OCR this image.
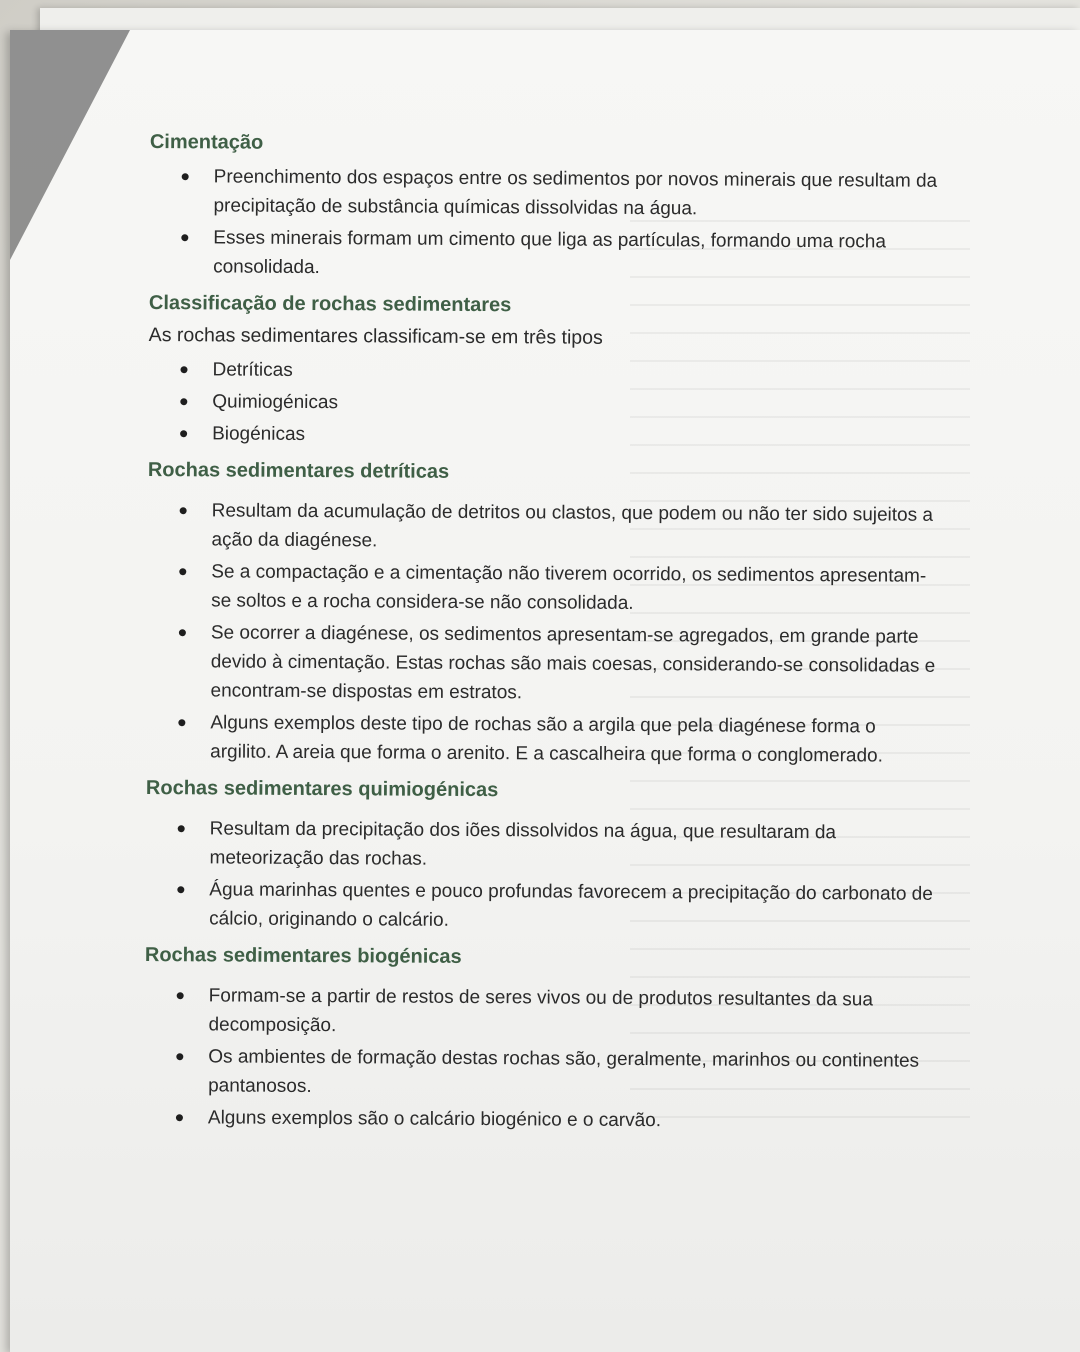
Cimentação
Preenchimento dos espaços entre os sedimentos por novos minerais que resultam da precipitação de substância químicas dissolvidas na água.
Esses minerais formam um cimento que liga as partículas, formando uma rocha consolidada.
Classificação de rochas sedimentares

As rochas sedimentares classificam-se em três tipos

Detríticas
Quimiogénicas
Biogénicas
Rochas sedimentares detríticas
Resultam da acumulação de detritos ou clastos, que podem ou não ter sido sujeitos a ação da diagénese.
Se a compactação e a cimentação não tiverem ocorrido, os sedimentos apresentam-se soltos e a rocha considera-se não consolidada.
Se ocorrer a diagénese, os sedimentos apresentam-se agregados, em grande parte devido à cimentação. Estas rochas são mais coesas, considerando-se consolidadas e encontram-se dispostas em estratos.
Alguns exemplos deste tipo de rochas são a argila que pela diagénese forma o argilito. A areia que forma o arenito. E a cascalheira que forma o conglomerado.
Rochas sedimentares quimiogénicas
Resultam da precipitação dos iões dissolvidos na água, que resultaram da meteorização das rochas.
Água marinhas quentes e pouco profundas favorecem a precipitação do carbonato de cálcio, originando o calcário.
Rochas sedimentares biogénicas
Formam-se a partir de restos de seres vivos ou de produtos resultantes da sua decomposição.
Os ambientes de formação destas rochas são, geralmente, marinhos ou continentes pantanosos.
Alguns exemplos são o calcário biogénico e o carvão.
